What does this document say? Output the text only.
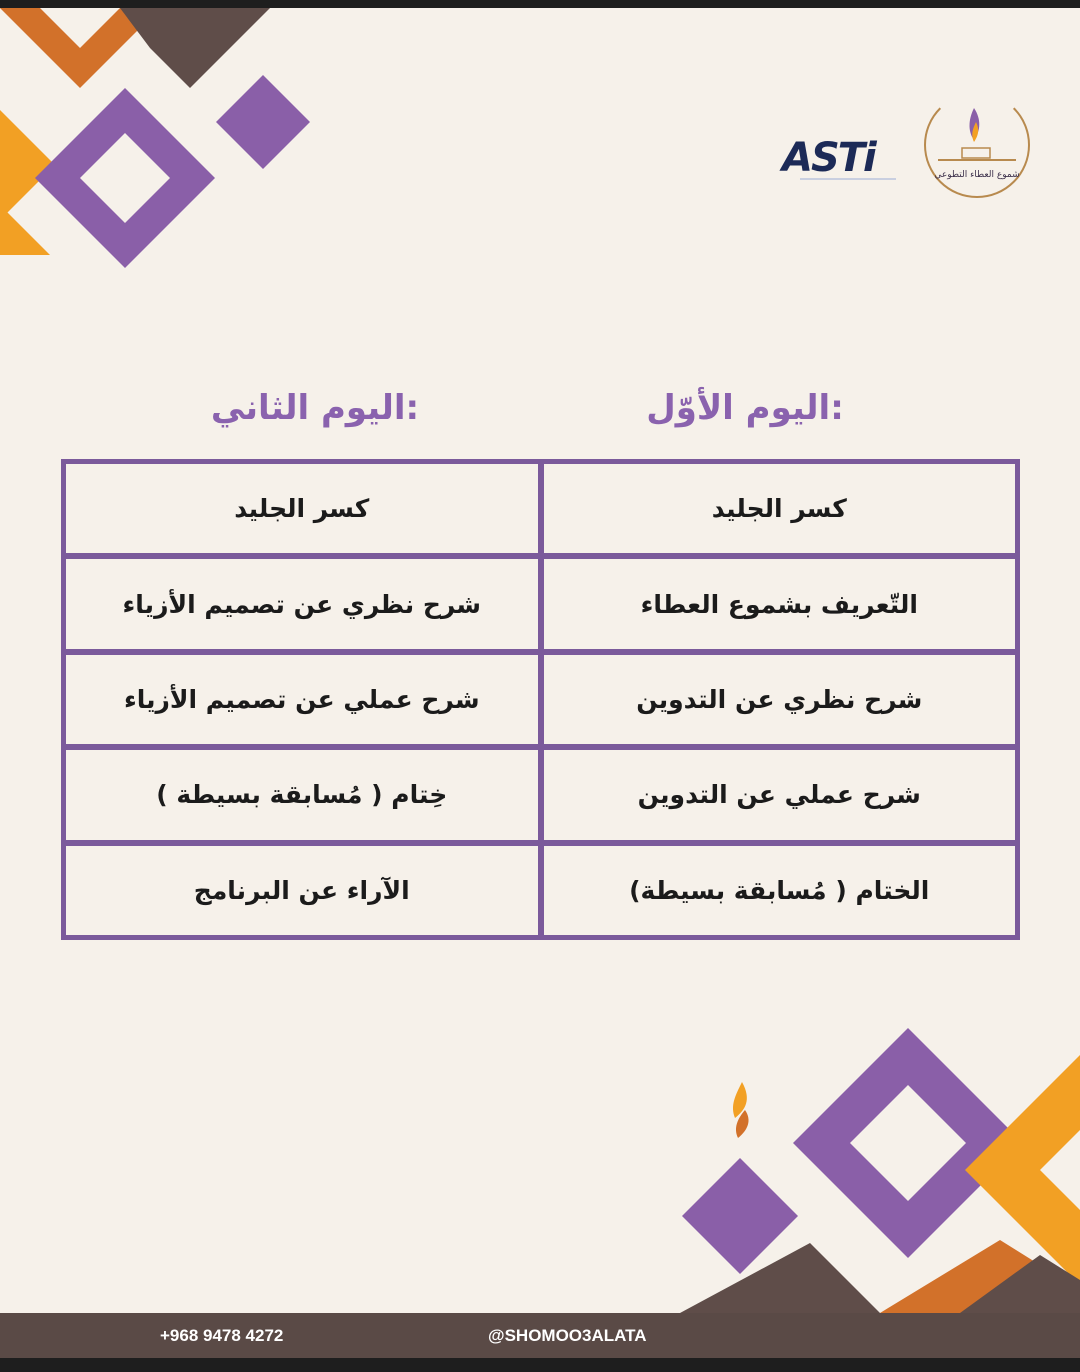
ASTi	شموع العطاء التطوعي
اليوم الأوّل:
اليوم الثاني:
كسر الجليد
التّعريف بشموع العطاء
شرح نظري عن التدوين
شرح عملي عن التدوين
الختام ( مُسابقة بسيطة)
كسر الجليد
شرح نظري عن تصميم الأزياء
شرح عملي عن تصميم الأزياء
خِتام ( مُسابقة بسيطة )
الآراء عن البرنامج
+968 9478 4272	@SHOMOO3ALATA
